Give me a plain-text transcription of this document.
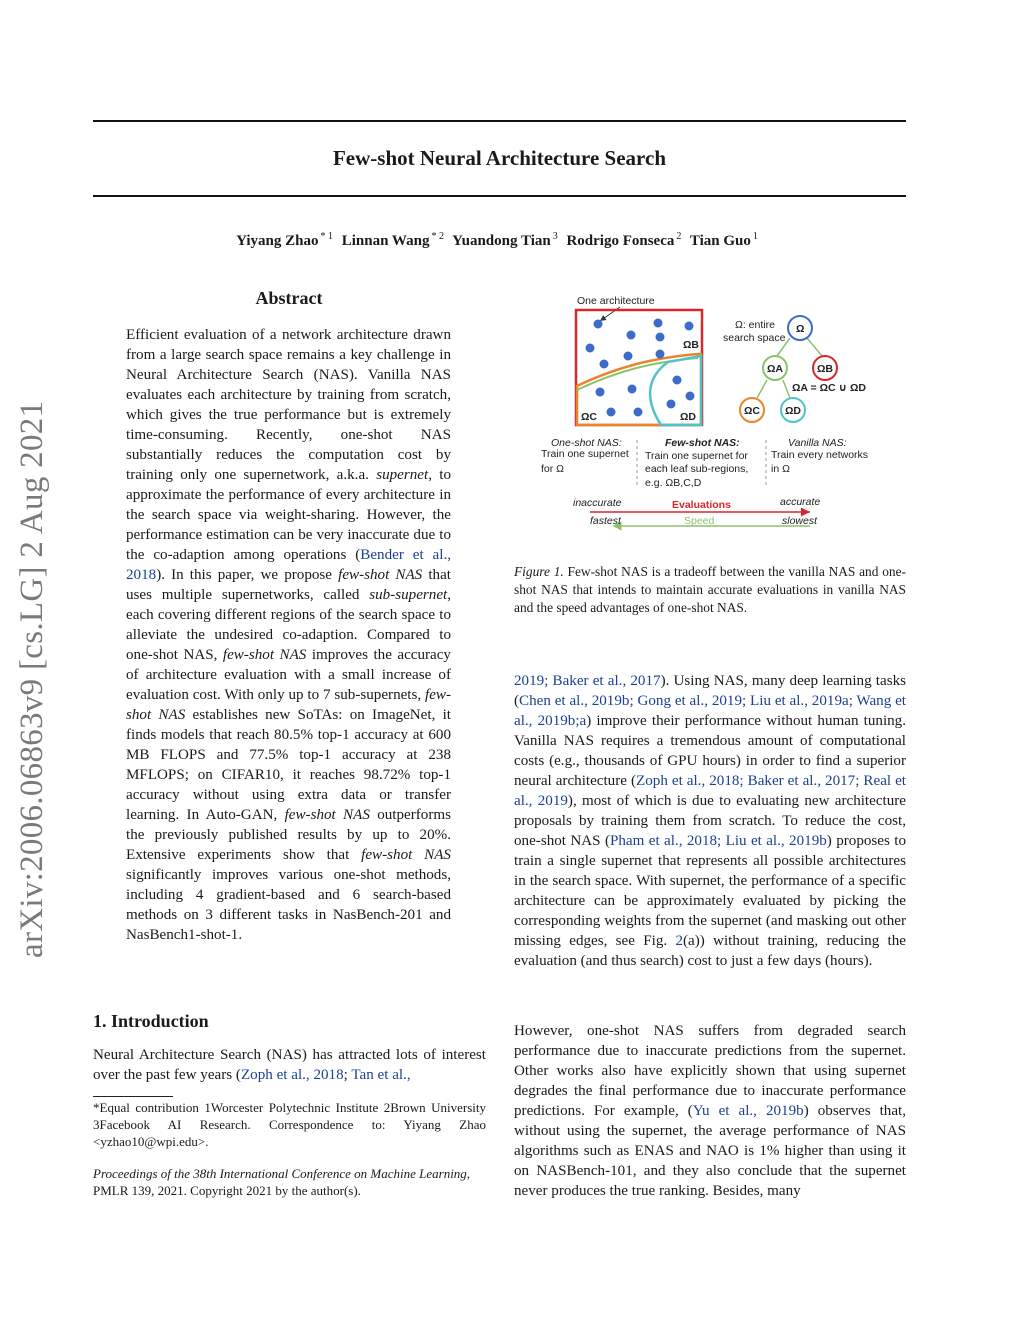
arXiv:2006.06863v9 [cs.LG] 2 Aug 2021
Few-shot Neural Architecture Search
Yiyang Zhao $^{* 1}$ Linnan Wang $^{* 2}$ Yuandong Tian $^3$ Rodrigo Fonseca $^2$ Tian Guo $^1$
Abstract
Efficient evaluation of a network architecture drawn from a large search space remains a key challenge in Neural Architecture Search (NAS). Vanilla NAS evaluates each architecture by training from scratch, which gives the true performance but is extremely time-consuming. Recently, one-shot NAS substantially reduces the computation cost by training only one supernetwork, a.k.a. supernet, to approximate the performance of every architecture in the search space via weight-sharing. However, the performance estimation can be very inaccurate due to the co-adaption among operations (Bender et al., 2018). In this paper, we propose few-shot NAS that uses multiple supernetworks, called sub-supernet, each covering different regions of the search space to alleviate the undesired co-adaption. Compared to one-shot NAS, few-shot NAS improves the accuracy of architecture evaluation with a small increase of evaluation cost. With only up to 7 sub-supernets, few-shot NAS establishes new SoTAs: on ImageNet, it finds models that reach 80.5% top-1 accuracy at 600 MB FLOPS and 77.5% top-1 accuracy at 238 MFLOPS; on CIFAR10, it reaches 98.72% top-1 accuracy without using extra data or transfer learning. In Auto-GAN, few-shot NAS outperforms the previously published results by up to 20%. Extensive experiments show that few-shot NAS significantly improves various one-shot methods, including 4 gradient-based and 6 search-based methods on 3 different tasks in NasBench-201 and NasBench1-shot-1.
1. Introduction
Neural Architecture Search (NAS) has attracted lots of interest over the past few years (Zoph et al., 2018; Tan et al.,
*Equal contribution 1Worcester Polytechnic Institute 2Brown University 3Facebook AI Research. Correspondence to: Yiyang Zhao <yzhao10@wpi.edu>.
Proceedings of the 38th International Conference on Machine Learning, PMLR 139, 2021. Copyright 2021 by the author(s).
One architecture
ΩB
ΩC	ΩD
Ω: entire
search space
Ω
ΩA	ΩB
ΩA = ΩC ∪ ΩD
ΩC ΩD
One-shot NAS:
Train one supernet
for Ω
Few-shot NAS:
Train one supernet for
each leaf sub-regions,
e.g. ΩB,C,D
Vanilla NAS:
Train every networks
in Ω
inaccurate	Evaluations	accurate
fastest	Speed	slowest
Figure 1. Few-shot NAS is a tradeoff between the vanilla NAS and one-shot NAS that intends to maintain accurate evaluations in vanilla NAS and the speed advantages of one-shot NAS.
2019; Baker et al., 2017). Using NAS, many deep learning tasks (Chen et al., 2019b; Gong et al., 2019; Liu et al., 2019a; Wang et al., 2019b;a) improve their performance without human tuning. Vanilla NAS requires a tremendous amount of computational costs (e.g., thousands of GPU hours) in order to find a superior neural architecture (Zoph et al., 2018; Baker et al., 2017; Real et al., 2019), most of which is due to evaluating new architecture proposals by training them from scratch. To reduce the cost, one-shot NAS (Pham et al., 2018; Liu et al., 2019b) proposes to train a single supernet that represents all possible architectures in the search space. With supernet, the performance of a specific architecture can be approximately evaluated by picking the corresponding weights from the supernet (and masking out other missing edges, see Fig. 2(a)) without training, reducing the evaluation (and thus search) cost to just a few days (hours).
However, one-shot NAS suffers from degraded search performance due to inaccurate predictions from the supernet. Other works also have explicitly shown that using supernet degrades the final performance due to inaccurate performance predictions. For example, (Yu et al., 2019b) observes that, without using the supernet, the average performance of NAS algorithms such as ENAS and NAO is 1% higher than using it on NASBench-101, and they also conclude that the supernet never produces the true ranking. Besides, many
